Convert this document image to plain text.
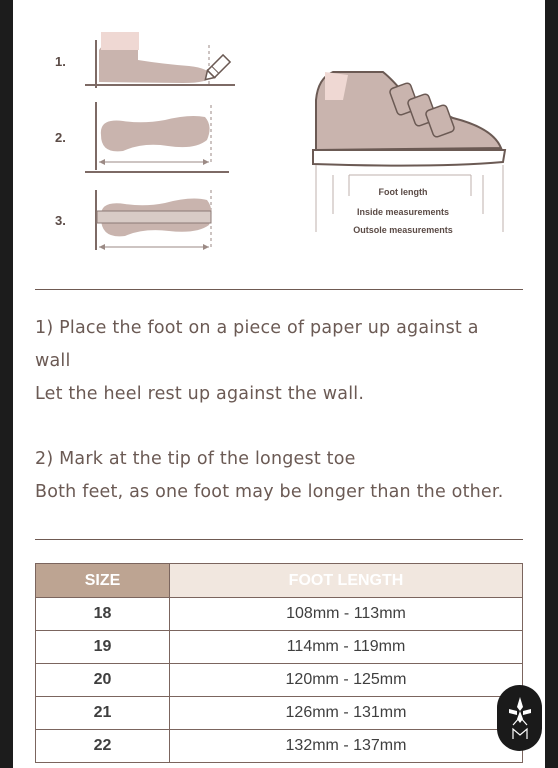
1.
2.
3.
Foot length
Inside measurements
Outsole measurements
1) Place the foot on a piece of paper up against a wall
Let the heel rest up against the wall.
2) Mark at the tip of the longest toe
Both feet, as one foot may be longer than the other.
SIZE	FOOT LENGTH
18	108mm - 113mm
19	114mm - 119mm
20	120mm - 125mm
21	126mm - 131mm
22	132mm - 137mm
